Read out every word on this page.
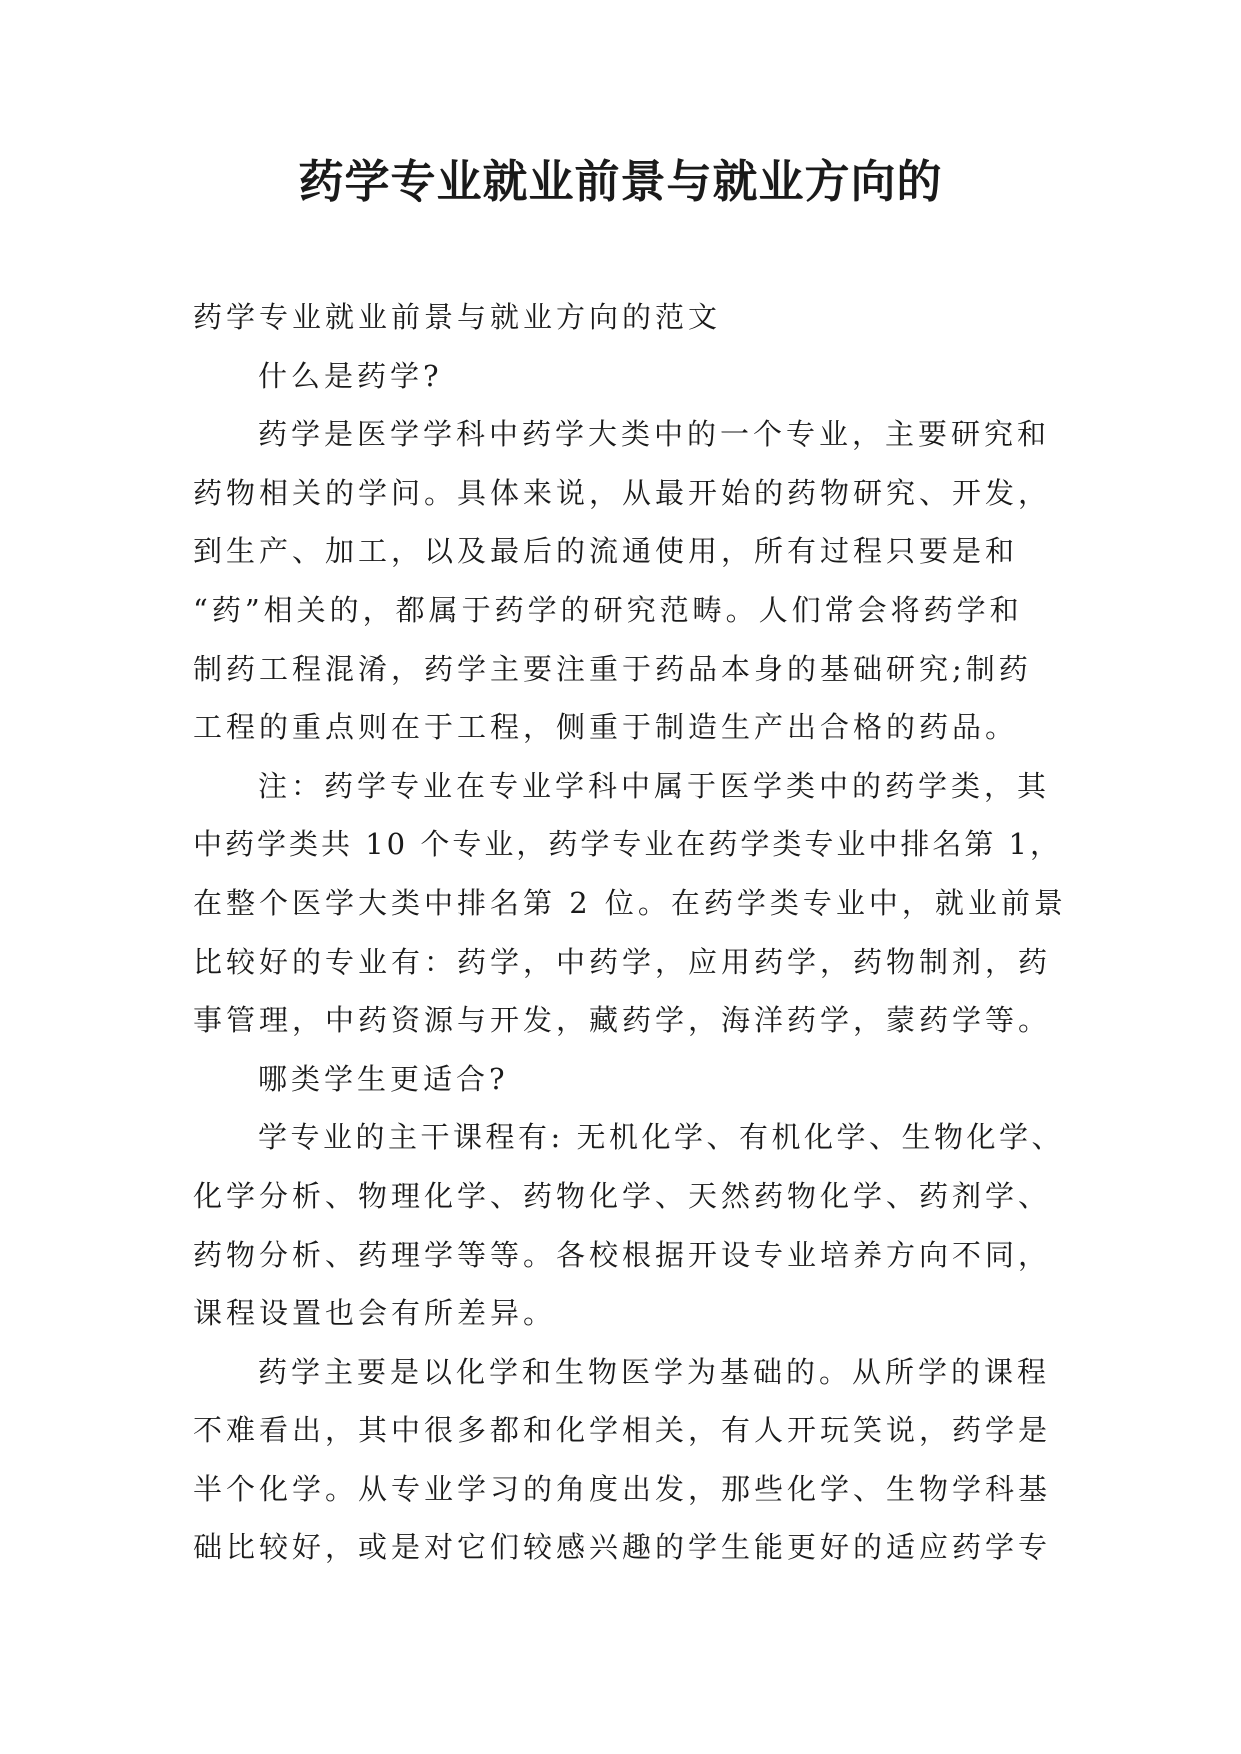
药学专业就业前景与就业方向的

药学专业就业前景与就业方向的范文

什么是药学?

药学是医学学科中药学大类中的一个专业，主要研究和

药物相关的学问。具体来说，从最开始的药物研究、开发，

到生产、加工，以及最后的流通使用，所有过程只要是和

“药”相关的，都属于药学的研究范畴。人们常会将药学和

制药工程混淆，药学主要注重于药品本身的基础研究;制药

工程的重点则在于工程，侧重于制造生产出合格的药品。

注：药学专业在专业学科中属于医学类中的药学类，其

中药学类共 10 个专业，药学专业在药学类专业中排名第 1，

在整个医学大类中排名第 2 位。在药学类专业中，就业前景

比较好的专业有：药学，中药学，应用药学，药物制剂，药

事管理，中药资源与开发，藏药学，海洋药学，蒙药学等。

哪类学生更适合?

学专业的主干课程有: 无机化学、有机化学、生物化学、

化学分析、物理化学、药物化学、天然药物化学、药剂学、

药物分析、药理学等等。各校根据开设专业培养方向不同，

课程设置也会有所差异。

药学主要是以化学和生物医学为基础的。从所学的课程

不难看出，其中很多都和化学相关，有人开玩笑说，药学是

半个化学。从专业学习的角度出发，那些化学、生物学科基

础比较好，或是对它们较感兴趣的学生能更好的适应药学专
